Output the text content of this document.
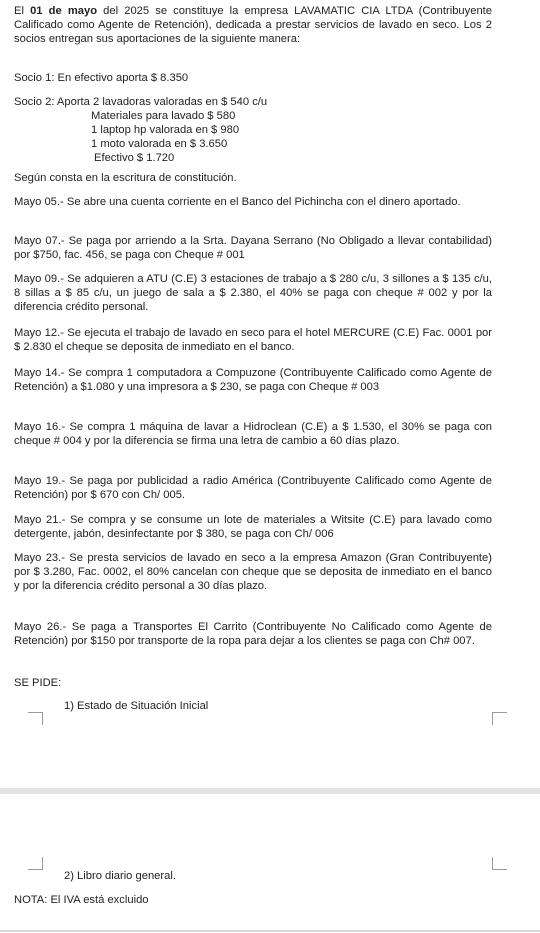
El 01 de mayo del 2025 se constituye la empresa LAVAMATIC CIA LTDA (Contribuyente Calificado como Agente de Retención), dedicada a prestar servicios de lavado en seco. Los 2 socios entregan sus aportaciones de la siguiente manera:
Socio 1: En efectivo aporta $ 8.350
Socio 2: Aporta 2 lavadoras valoradas en $ 540 c/u
Materiales para lavado $ 580
1 laptop hp valorada en $ 980
1 moto valorada en $ 3.650
Efectivo $ 1.720
Según consta en la escritura de constitución.
Mayo 05.- Se abre una cuenta corriente en el Banco del Pichincha con el dinero aportado.
Mayo 07.- Se paga por arriendo a la Srta. Dayana Serrano (No Obligado a llevar contabilidad) por $750, fac. 456, se paga con Cheque # 001
Mayo 09.- Se adquieren a ATU (C.E) 3 estaciones de trabajo a $ 280 c/u, 3 sillones a $ 135 c/u, 8 sillas a $ 85 c/u, un juego de sala a $ 2.380, el 40% se paga con cheque # 002 y por la diferencia crédito personal.
Mayo 12.- Se ejecuta el trabajo de lavado en seco para el hotel MERCURE (C.E) Fac. 0001 por $ 2.830 el cheque se deposita de inmediato en el banco.
Mayo 14.- Se compra 1 computadora a Compuzone (Contribuyente Calificado como Agente de Retención) a $1.080 y una impresora a $ 230, se paga con Cheque # 003
Mayo 16.- Se compra 1 máquina de lavar a Hidroclean (C.E) a $ 1.530, el 30% se paga con cheque # 004 y por la diferencia se firma una letra de cambio a 60 días plazo.
Mayo 19.- Se paga por publicidad a radio América (Contribuyente Calificado como Agente de Retención) por $ 670 con Ch/ 005.
Mayo 21.- Se compra y se consume un lote de materiales a Witsite (C.E) para lavado como detergente, jabón, desinfectante por $ 380, se paga con Ch/ 006
Mayo 23.- Se presta servicios de lavado en seco a la empresa Amazon (Gran Contribuyente) por $ 3.280, Fac. 0002, el 80% cancelan con cheque que se deposita de inmediato en el banco y por la diferencia crédito personal a 30 días plazo.
Mayo 26.- Se paga a Transportes El Carrito (Contribuyente No Calificado como Agente de Retención) por $150 por transporte de la ropa para dejar a los clientes se paga con Ch# 007.
SE PIDE:
1) Estado de Situación Inicial
2) Libro diario general.
NOTA: El IVA está excluido
